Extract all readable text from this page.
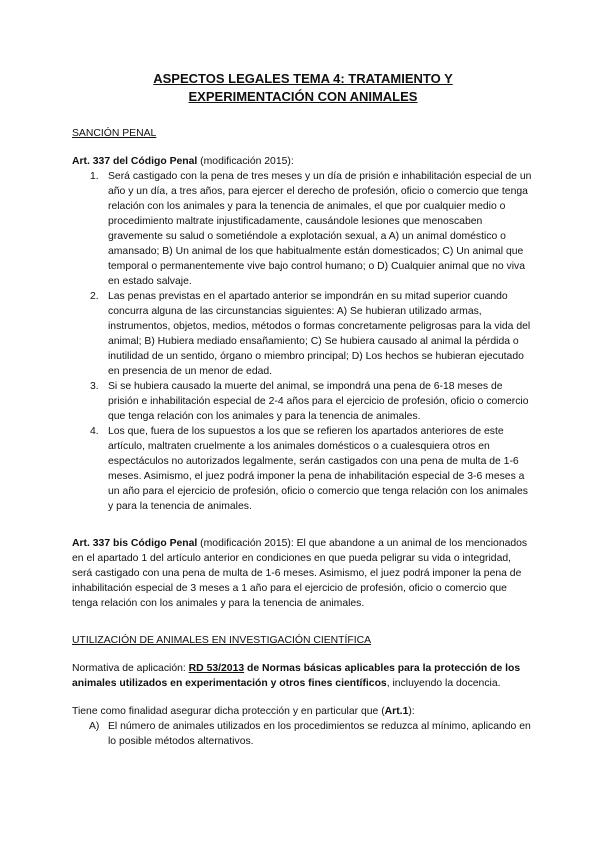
ASPECTOS LEGALES TEMA 4: TRATAMIENTO Y
EXPERIMENTACIÓN CON ANIMALES
SANCIÓN PENAL

Art. 337 del Código Penal (modificación 2015):

1. Será castigado con la pena de tres meses y un día de prisión e inhabilitación especial de un año y un día, a tres años, para ejercer el derecho de profesión, oficio o comercio que tenga relación con los animales y para la tenencia de animales, el que por cualquier medio o procedimiento maltrate injustificadamente, causándole lesiones que menoscaben gravemente su salud o sometiéndole a explotación sexual, a A) un animal doméstico o amansado; B) Un animal de los que habitualmente están domesticados; C) Un animal que temporal o permanentemente vive bajo control humano; o D) Cualquier animal que no viva en estado salvaje.
2. Las penas previstas en el apartado anterior se impondrán en su mitad superior cuando concurra alguna de las circunstancias siguientes: A) Se hubieran utilizado armas, instrumentos, objetos, medios, métodos o formas concretamente peligrosas para la vida del animal; B) Hubiera mediado ensañamiento; C) Se hubiera causado al animal la pérdida o inutilidad de un sentido, órgano o miembro principal; D) Los hechos se hubieran ejecutado en presencia de un menor de edad.
3. Si se hubiera causado la muerte del animal, se impondrá una pena de 6-18 meses de prisión e inhabilitación especial de 2-4 años para el ejercicio de profesión, oficio o comercio que tenga relación con los animales y para la tenencia de animales.
4. Los que, fuera de los supuestos a los que se refieren los apartados anteriores de este artículo, maltraten cruelmente a los animales domésticos o a cualesquiera otros en espectáculos no autorizados legalmente, serán castigados con una pena de multa de 1-6 meses. Asimismo, el juez podrá imponer la pena de inhabilitación especial de 3-6 meses a un año para el ejercicio de profesión, oficio o comercio que tenga relación con los animales y para la tenencia de animales.

Art. 337 bis Código Penal (modificación 2015): El que abandone a un animal de los mencionados en el apartado 1 del artículo anterior en condiciones en que pueda peligrar su vida o integridad, será castigado con una pena de multa de 1-6 meses. Asimismo, el juez podrá imponer la pena de inhabilitación especial de 3 meses a 1 año para el ejercicio de profesión, oficio o comercio que tenga relación con los animales y para la tenencia de animales.

UTILIZACIÓN DE ANIMALES EN INVESTIGACIÓN CIENTÍFICA

Normativa de aplicación: RD 53/2013 de Normas básicas aplicables para la protección de los animales utilizados en experimentación y otros fines científicos, incluyendo la docencia.

Tiene como finalidad asegurar dicha protección y en particular que (Art.1):

A) El número de animales utilizados en los procedimientos se reduzca al mínimo, aplicando en lo posible métodos alternativos.
